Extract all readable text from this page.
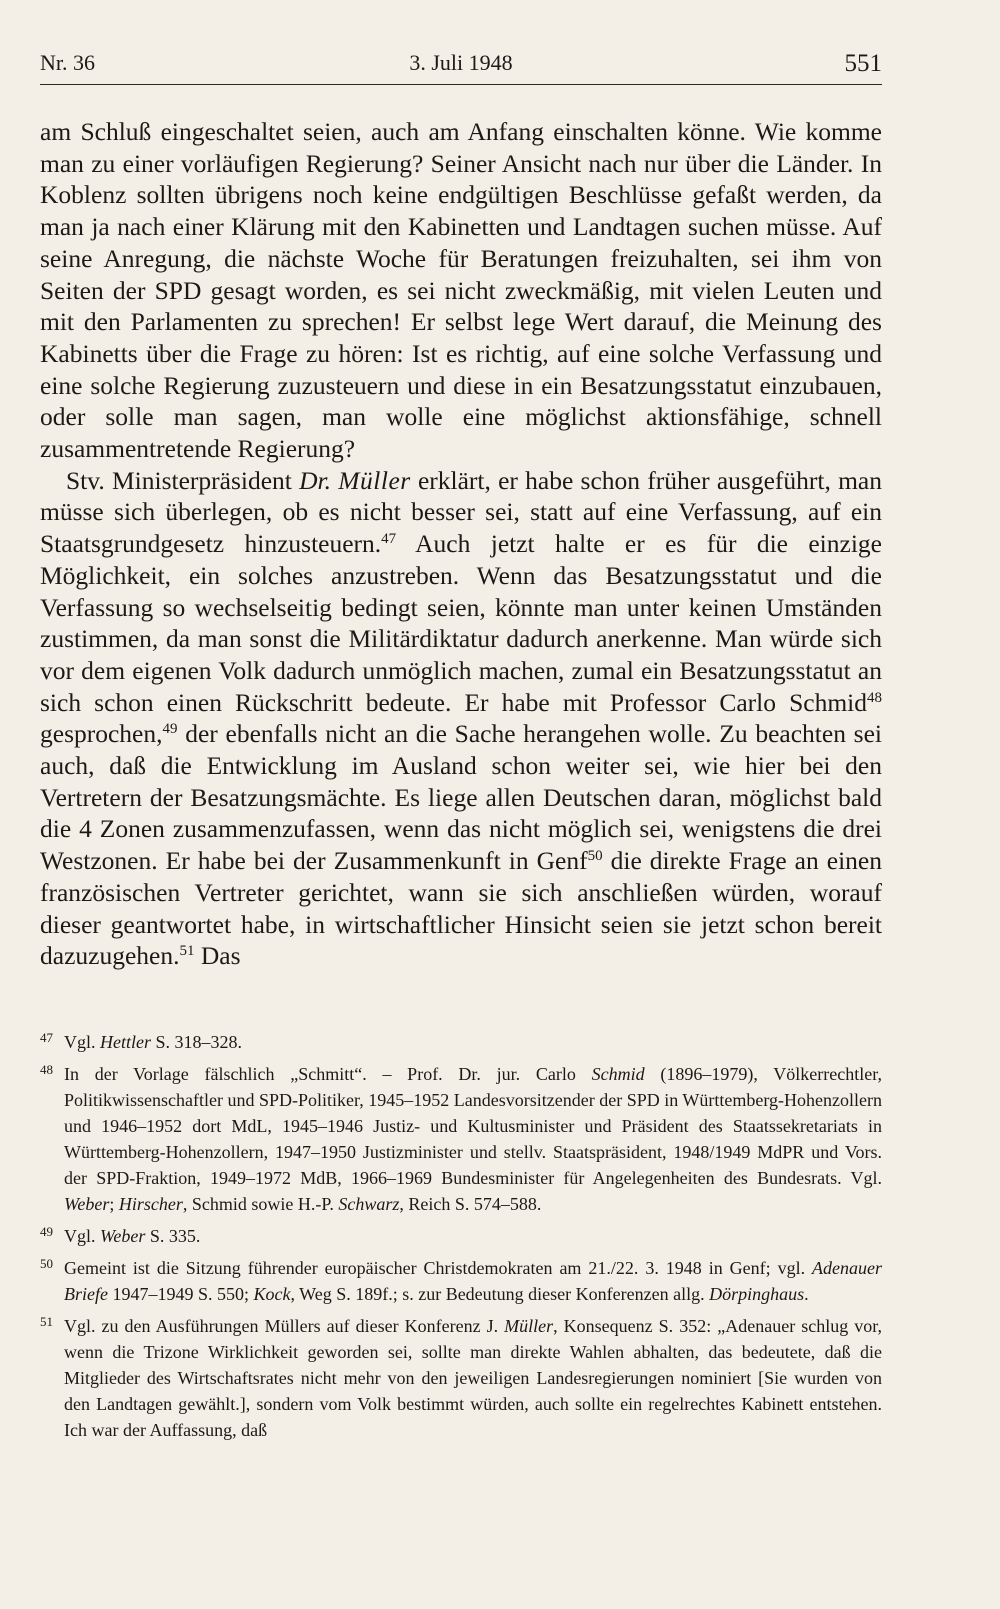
Nr. 36	3. Juli 1948	551

am Schluß eingeschaltet seien, auch am Anfang einschalten könne. Wie komme man zu einer vorläufigen Regierung? Seiner Ansicht nach nur über die Länder. In Koblenz sollten übrigens noch keine endgültigen Beschlüsse gefaßt werden, da man ja nach einer Klärung mit den Kabinetten und Landtagen suchen müsse. Auf seine Anregung, die nächste Woche für Beratungen freizuhalten, sei ihm von Seiten der SPD gesagt worden, es sei nicht zweckmäßig, mit vielen Leuten und mit den Parlamenten zu sprechen! Er selbst lege Wert darauf, die Meinung des Kabinetts über die Frage zu hören: Ist es richtig, auf eine solche Verfassung und eine solche Regierung zuzusteuern und diese in ein Besatzungsstatut einzubauen, oder solle man sagen, man wolle eine möglichst aktionsfähige, schnell zusammentretende Regierung?

Stv. Ministerpräsident Dr. Müller erklärt, er habe schon früher ausgeführt, man müsse sich überlegen, ob es nicht besser sei, statt auf eine Verfassung, auf ein Staatsgrundgesetz hinzusteuern.$^{47}$ Auch jetzt halte er es für die einzige Möglichkeit, ein solches anzustreben. Wenn das Besatzungsstatut und die Verfassung so wechselseitig bedingt seien, könnte man unter keinen Umständen zustimmen, da man sonst die Militärdiktatur dadurch anerkenne. Man würde sich vor dem eigenen Volk dadurch unmöglich machen, zumal ein Besatzungsstatut an sich schon einen Rückschritt bedeute. Er habe mit Professor Carlo Schmid$^{48}$ gesprochen,$^{49}$ der ebenfalls nicht an die Sache herangehen wolle. Zu beachten sei auch, daß die Entwicklung im Ausland schon weiter sei, wie hier bei den Vertretern der Besatzungsmächte. Es liege allen Deutschen daran, möglichst bald die 4 Zonen zusammenzufassen, wenn das nicht möglich sei, wenigstens die drei Westzonen. Er habe bei der Zusammenkunft in Genf$^{50}$ die direkte Frage an einen französischen Vertreter gerichtet, wann sie sich anschließen würden, worauf dieser geantwortet habe, in wirtschaftlicher Hinsicht seien sie jetzt schon bereit dazuzugehen.$^{51}$ Das

47 Vgl. Hettler S. 318–328.

48 In der Vorlage fälschlich „Schmitt“. – Prof. Dr. jur. Carlo Schmid (1896–1979), Völkerrechtler, Politikwissenschaftler und SPD-Politiker, 1945–1952 Landesvorsitzender der SPD in Württemberg-Hohenzollern und 1946–1952 dort MdL, 1945–1946 Justiz- und Kultusminister und Präsident des Staatssekretariats in Württemberg-Hohenzollern, 1947–1950 Justizminister und stellv. Staatspräsident, 1948/1949 MdPR und Vors. der SPD-Fraktion, 1949–1972 MdB, 1966–1969 Bundesminister für Angelegenheiten des Bundesrats. Vgl. Weber; Hirscher, Schmid sowie H.-P. Schwarz, Reich S. 574–588.

49 Vgl. Weber S. 335.

50 Gemeint ist die Sitzung führender europäischer Christdemokraten am 21./22. 3. 1948 in Genf; vgl. Adenauer Briefe 1947–1949 S. 550; Kock, Weg S. 189f.; s. zur Bedeutung dieser Konferenzen allg. Dörpinghaus.

51 Vgl. zu den Ausführungen Müllers auf dieser Konferenz J. Müller, Konsequenz S. 352: „Adenauer schlug vor, wenn die Trizone Wirklichkeit geworden sei, sollte man direkte Wahlen abhalten, das bedeutete, daß die Mitglieder des Wirtschaftsrates nicht mehr von den jeweiligen Landesregierungen nominiert [Sie wurden von den Landtagen gewählt.], sondern vom Volk bestimmt würden, auch sollte ein regelrechtes Kabinett entstehen. Ich war der Auffassung, daß
